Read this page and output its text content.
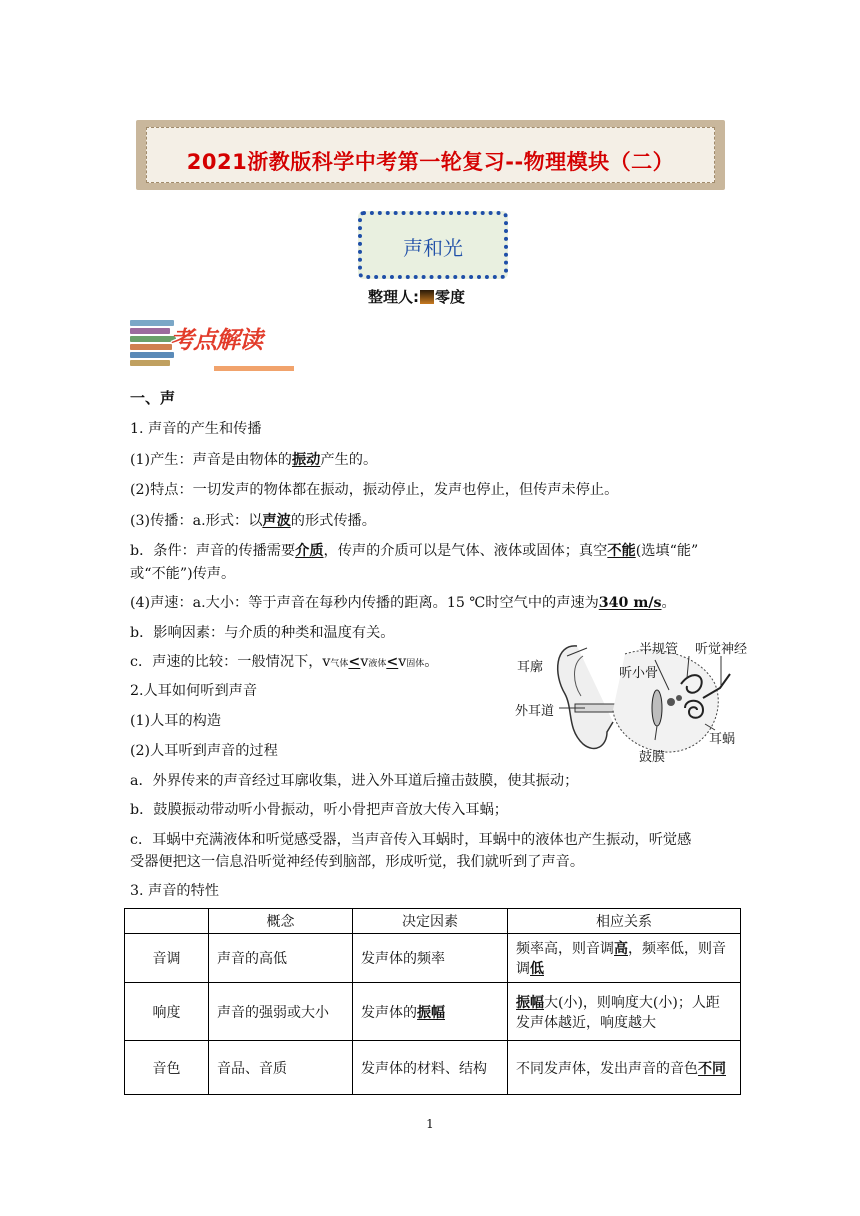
2021浙教版科学中考第一轮复习--物理模块（二）
声和光
整理人: 零度
考点解读
一、声
1. 声音的产生和传播
(1)产生：声音是由物体的振动产生的。
(2)特点：一切发声的物体都在振动，振动停止，发声也停止，但传声未停止。
(3)传播：a.形式：以声波的形式传播。
b．条件：声音的传播需要介质，传声的介质可以是气体、液体或固体；真空不能(选填“能”
或“不能”)传声。
(4)声速：a.大小：等于声音在每秒内传播的距离。15 ℃时空气中的声速为340 m/s。
b．影响因素：与介质的种类和温度有关。
c．声速的比较：一般情况下，v气体<v液体<v固体。
2.人耳如何听到声音
(1)人耳的构造
(2)人耳听到声音的过程
a．外界传来的声音经过耳廓收集，进入外耳道后撞击鼓膜，使其振动；
b．鼓膜振动带动听小骨振动，听小骨把声音放大传入耳蜗；
c．耳蜗中充满液体和听觉感受器，当声音传入耳蜗时，耳蜗中的液体也产生振动，听觉感
受器便把这一信息沿听觉神经传到脑部，形成听觉，我们就听到了声音。
3. 声音的特性
耳廓
外耳道
半规管
听小骨
听觉神经
耳蜗
鼓膜
	概念	决定因素	相应关系
音调	声音的高低	发声体的频率	频率高，则音调高，频率低，则音调低
响度	声音的强弱或大小	发声体的振幅	振幅大(小)，则响度大(小)；人距发声体越近，响度越大
音色	音品、音质	发声体的材料、结构	不同发声体，发出声音的音色不同
1
